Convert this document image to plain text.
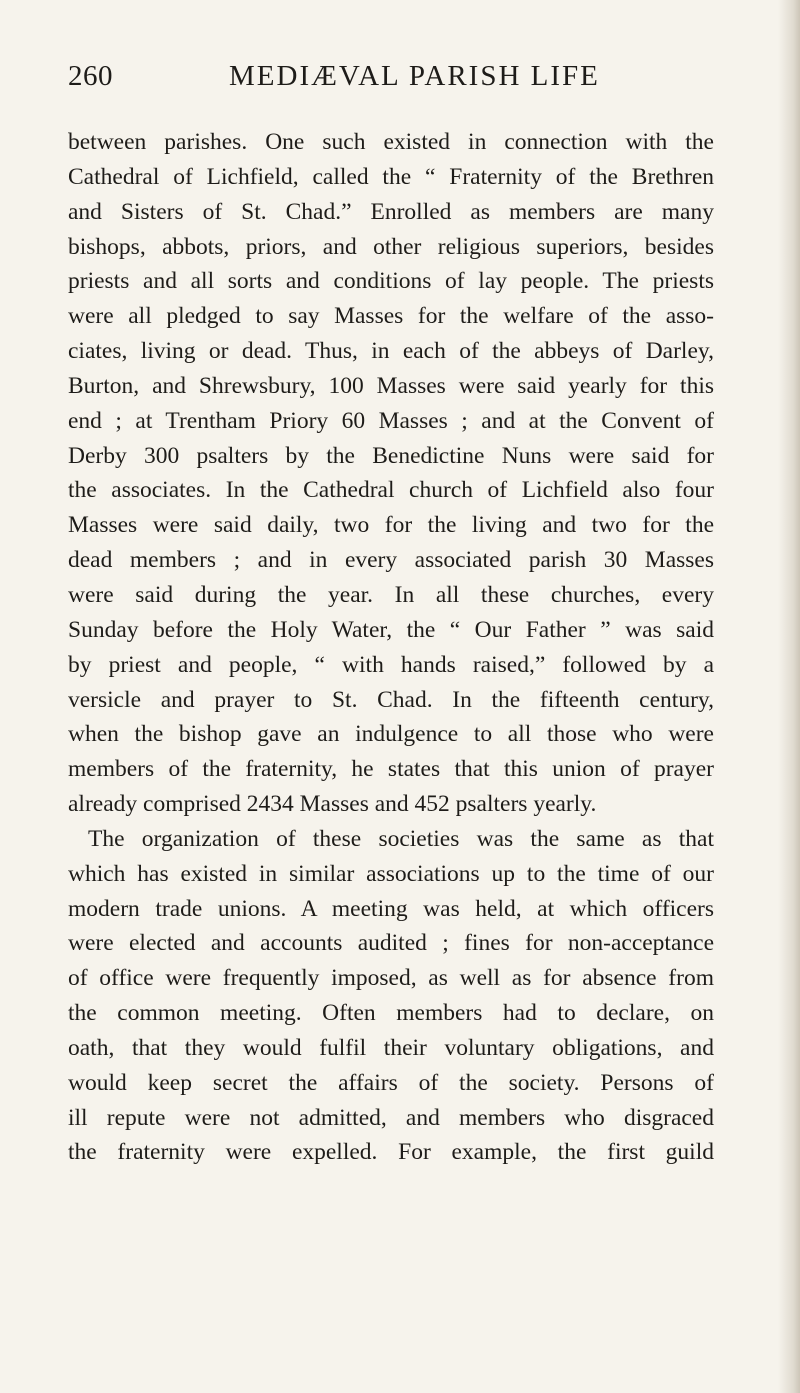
260	MEDIÆVAL PARISH LIFE
between parishes. One such existed in connection with the
Cathedral of Lichfield, called the “ Fraternity of the Brethren
and Sisters of St. Chad.” Enrolled as members are many
bishops, abbots, priors, and other religious superiors, besides
priests and all sorts and conditions of lay people. The priests
were all pledged to say Masses for the welfare of the asso-
ciates, living or dead. Thus, in each of the abbeys of Darley,
Burton, and Shrewsbury, 100 Masses were said yearly for this
end ; at Trentham Priory 60 Masses ; and at the Convent of
Derby 300 psalters by the Benedictine Nuns were said for
the associates. In the Cathedral church of Lichfield also four
Masses were said daily, two for the living and two for the
dead members ; and in every associated parish 30 Masses
were said during the year. In all these churches, every
Sunday before the Holy Water, the “ Our Father ” was said
by priest and people, “ with hands raised,” followed by a
versicle and prayer to St. Chad. In the fifteenth century,
when the bishop gave an indulgence to all those who were
members of the fraternity, he states that this union of prayer
already comprised 2434 Masses and 452 psalters yearly.
The organization of these societies was the same as that
which has existed in similar associations up to the time of our
modern trade unions. A meeting was held, at which officers
were elected and accounts audited ; fines for non-acceptance
of office were frequently imposed, as well as for absence from
the common meeting. Often members had to declare, on
oath, that they would fulfil their voluntary obligations, and
would keep secret the affairs of the society. Persons of
ill repute were not admitted, and members who disgraced
the fraternity were expelled. For example, the first guild
